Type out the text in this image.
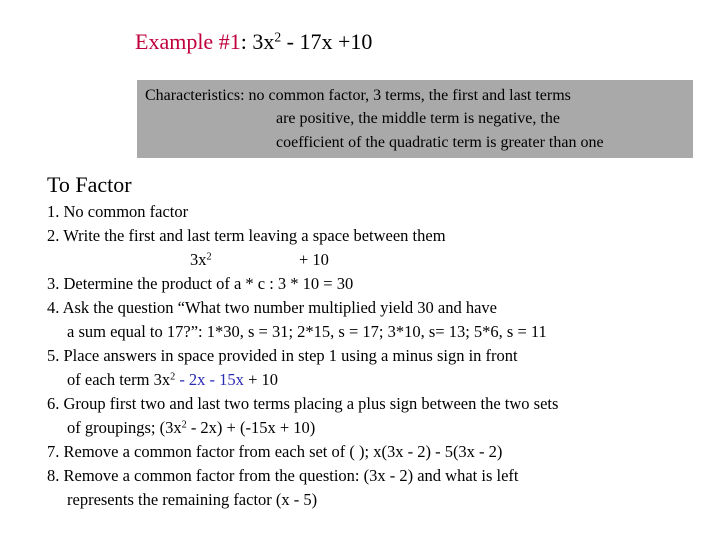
Example #1: $3x^2 - 17x +10$
Characteristics: no common factor, 3 terms, the first and last terms
are positive, the middle term is negative, the
coefficient of the quadratic term is greater than one
To Factor
1. No common factor
2. Write the first and last term leaving a space between them
$3x^2$	+ 10
3. Determine the product of a * c : 3 * 10 = 30
4. Ask the question “What two number multiplied yield 30 and have
a sum equal to 17?”: 1*30, s = 31; 2*15, s = 17; 3*10, s= 13; 5*6, s = 11
5. Place answers in space provided in step 1 using a minus sign in front
of each term $3x^2 - 2x - 15x + 10$
6. Group first two and last two terms placing a plus sign between the two sets
of groupings; $(3x^2 - 2x) + (-15x + 10)$
7. Remove a common factor from each set of ( ); x(3x - 2) - 5(3x - 2)
8. Remove a common factor from the question: (3x - 2) and what is left
represents the remaining factor (x - 5)
